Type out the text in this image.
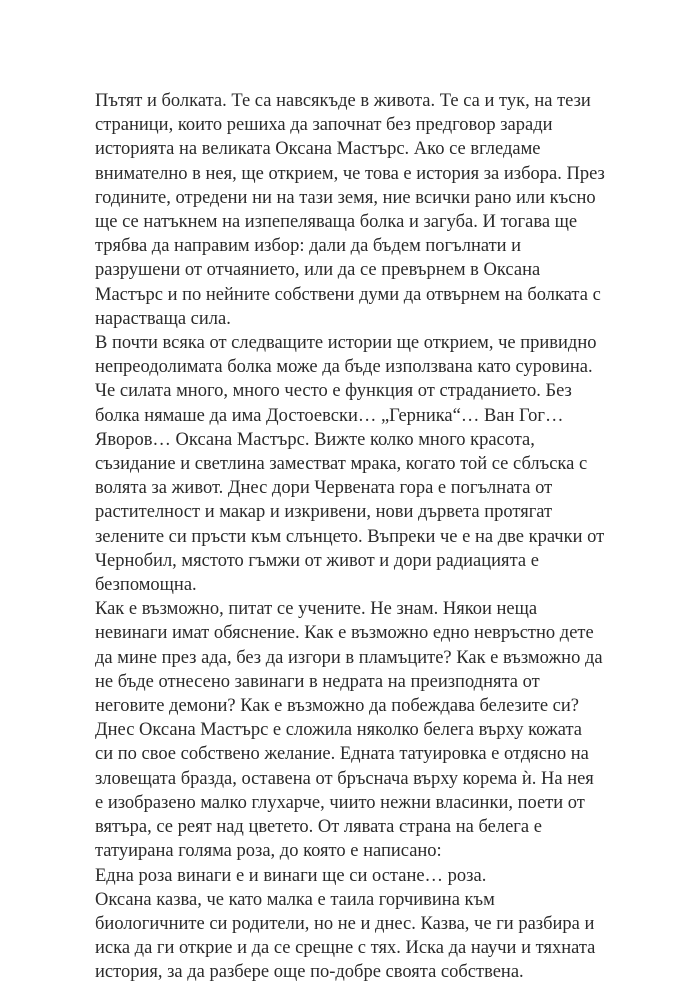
Пътят и болката. Те са навсякъде в живота. Те са и тук, на тези
страници, които решиха да започнат без предговор заради
историята на великата Оксана Мастърс. Ако се вгледаме
внимателно в нея, ще открием, че това е история за избора. През
годините, отредени ни на тази земя, ние всички рано или късно
ще се натъкнем на изпепеляваща болка и загуба. И тогава ще
трябва да направим избор: дали да бъдем погълнати и
разрушени от отчаянието, или да се превърнем в Оксана
Мастърс и по нейните собствени думи да отвърнем на болката с
нарастваща сила.
В почти всяка от следващите истории ще открием, че привидно
непреодолимата болка може да бъде използвана като суровина.
Че силата много, много често е функция от страданието. Без
болка нямаше да има Достоевски… „Герника“… Ван Гог…
Яворов… Оксана Мастърс. Вижте колко много красота,
съзидание и светлина заместват мрака, когато той се сблъска с
волята за живот. Днес дори Червената гора е погълната от
растителност и макар и изкривени, нови дървета протягат
зелените си пръсти към слънцето. Въпреки че е на две крачки от
Чернобил, мястото гъмжи от живот и дори радиацията е
безпомощна.
Как е възможно, питат се учените. Не знам. Някои неща
невинаги имат обяснение. Как е възможно едно невръстно дете
да мине през ада, без да изгори в пламъците? Как е възможно да
не бъде отнесено завинаги в недрата на преизподнята от
неговите демони? Как е възможно да побеждава белезите си?
Днес Оксана Мастърс е сложила няколко белега върху кожата
си по свое собствено желание. Едната татуировка е отдясно на
зловещата бразда, оставена от бръснача върху корема ѝ. На нея
е изобразено малко глухарче, чиито нежни власинки, поети от
вятъра, се реят над цветето. От лявата страна на белега е
татуирана голяма роза, до която е написано:
Една роза винаги е и винаги ще си остане… роза.
Оксана казва, че като малка е таила горчивина към
биологичните си родители, но не и днес. Казва, че ги разбира и
иска да ги открие и да се срещне с тях. Иска да научи и тяхната
история, за да разбере още по-добре своята собствена.
